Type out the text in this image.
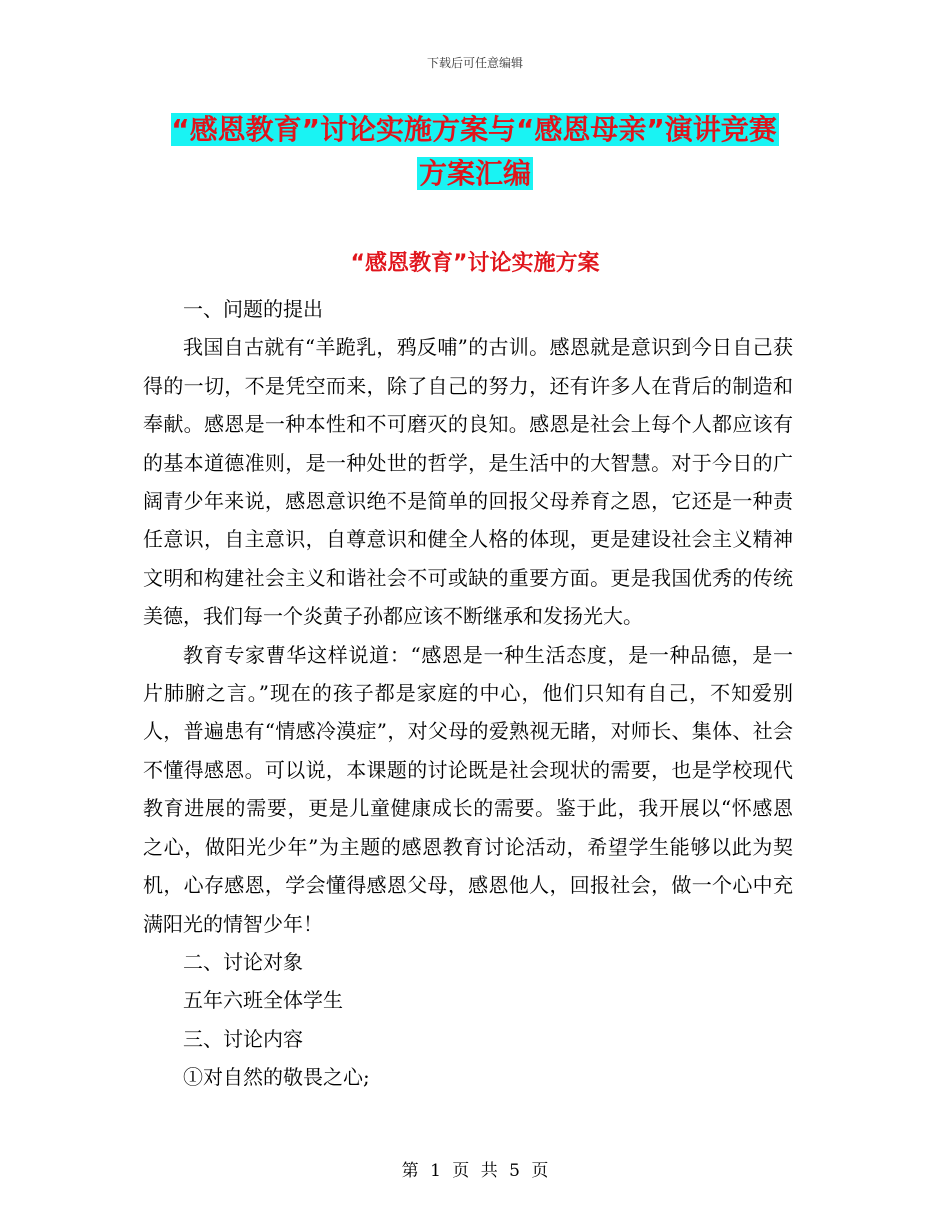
下载后可任意编辑
“感恩教育”讨论实施方案与“感恩母亲”演讲竞赛
方案汇编
“感恩教育”讨论实施方案

一、问题的提出

我国自古就有“羊跪乳，鸦反哺”的古训。感恩就是意识到今日自己获得的一切，不是凭空而来，除了自己的努力，还有许多人在背后的制造和奉献。感恩是一种本性和不可磨灭的良知。感恩是社会上每个人都应该有的基本道德准则，是一种处世的哲学，是生活中的大智慧。对于今日的广阔青少年来说，感恩意识绝不是简单的回报父母养育之恩，它还是一种责任意识，自主意识，自尊意识和健全人格的体现，更是建设社会主义精神文明和构建社会主义和谐社会不可或缺的重要方面。更是我国优秀的传统美德，我们每一个炎黄子孙都应该不断继承和发扬光大。

教育专家曹华这样说道：“感恩是一种生活态度，是一种品德，是一片肺腑之言。”现在的孩子都是家庭的中心，他们只知有自己，不知爱别人，普遍患有“情感冷漠症”，对父母的爱熟视无睹，对师长、集体、社会不懂得感恩。可以说，本课题的讨论既是社会现状的需要，也是学校现代教育进展的需要，更是儿童健康成长的需要。鉴于此，我开展以“怀感恩之心，做阳光少年”为主题的感恩教育讨论活动，希望学生能够以此为契机，心存感恩，学会懂得感恩父母，感恩他人，回报社会，做一个心中充满阳光的情智少年！

二、讨论对象

五年六班全体学生

三、讨论内容

①对自然的敬畏之心;

第 1 页 共 5 页
